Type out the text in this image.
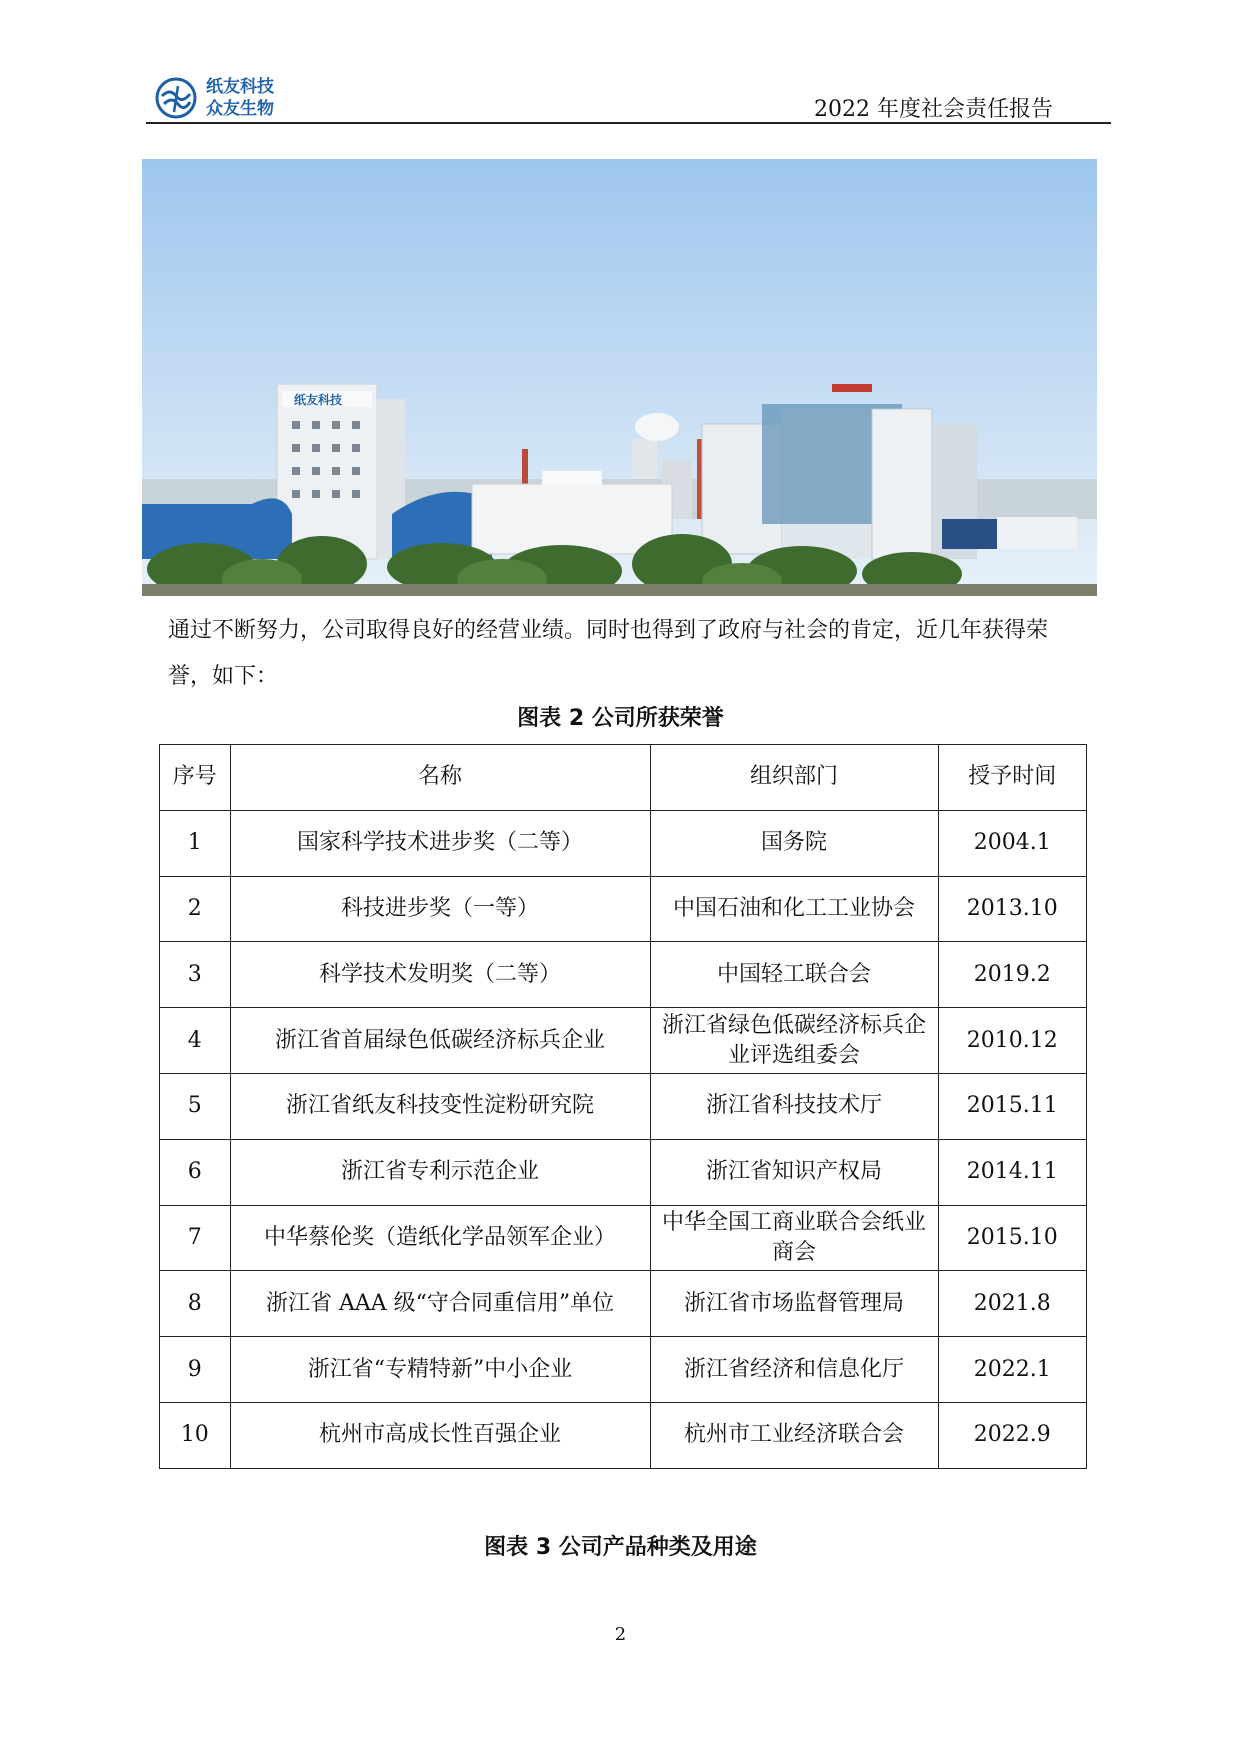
纸友科技
众友生物	2022 年度社会责任报告
纸友科技
通过不断努力，公司取得良好的经营业绩。同时也得到了政府与社会的肯定，近几年获得荣誉，如下：
图表 2 公司所获荣誉
序号	名称	组织部门	授予时间
1	国家科学技术进步奖（二等）	国务院	2004.1
2	科技进步奖（一等）	中国石油和化工工业协会	2013.10
3	科学技术发明奖（二等）	中国轻工联合会	2019.2
4	浙江省首届绿色低碳经济标兵企业	浙江省绿色低碳经济标兵企业评选组委会	2010.12
5	浙江省纸友科技变性淀粉研究院	浙江省科技技术厅	2015.11
6	浙江省专利示范企业	浙江省知识产权局	2014.11
7	中华蔡伦奖（造纸化学品领军企业）	中华全国工商业联合会纸业商会	2015.10
8	浙江省 AAA 级“守合同重信用”单位	浙江省市场监督管理局	2021.8
9	浙江省“专精特新”中小企业	浙江省经济和信息化厅	2022.1
10	杭州市高成长性百强企业	杭州市工业经济联合会	2022.9
图表 3 公司产品种类及用途
2
